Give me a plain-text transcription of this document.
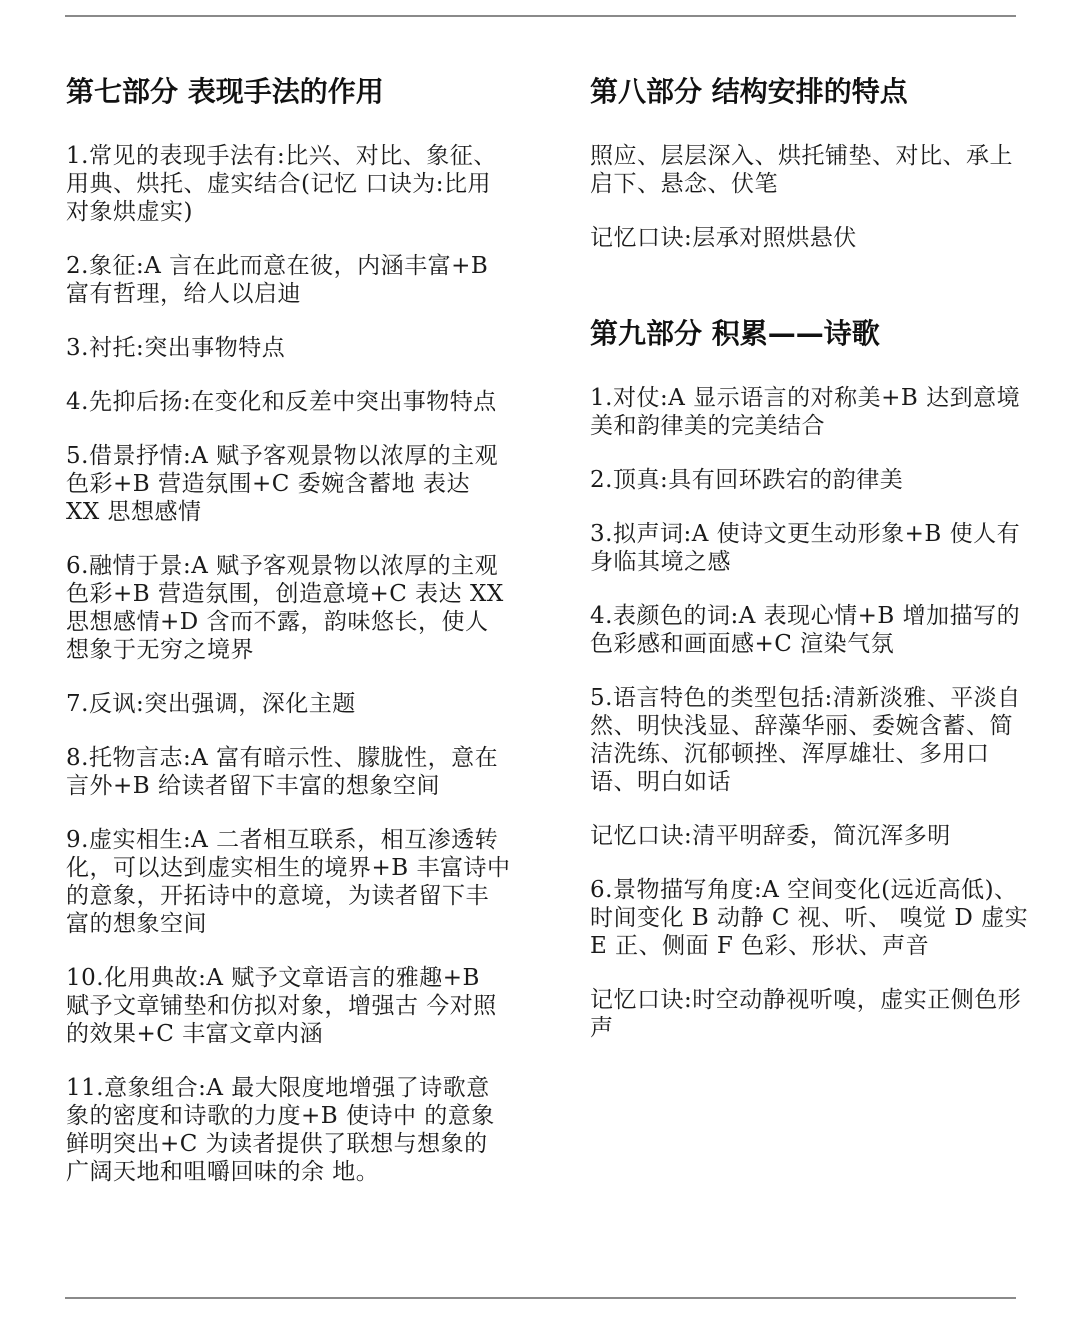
第七部分 表现手法的作用
1.常见的表现手法有:比兴、对比、象征、用典、烘托、虚实结合(记忆 口诀为:比用对象烘虚实)
2.象征:A 言在此而意在彼，内涵丰富+B 富有哲理，给人以启迪
3.衬托:突出事物特点
4.先抑后扬:在变化和反差中突出事物特点
5.借景抒情:A 赋予客观景物以浓厚的主观色彩+B 营造氛围+C 委婉含蓄地 表达 XX 思想感情
6.融情于景:A 赋予客观景物以浓厚的主观色彩+B 营造氛围，创造意境+C 表达 XX 思想感情+D 含而不露，韵味悠长，使人想象于无穷之境界
7.反讽:突出强调，深化主题
8.托物言志:A 富有暗示性、朦胧性，意在言外+B 给读者留下丰富的想象空间
9.虚实相生:A 二者相互联系，相互渗透转化，可以达到虚实相生的境界+B 丰富诗中的意象，开拓诗中的意境，为读者留下丰富的想象空间
10.化用典故:A 赋予文章语言的雅趣+B 赋予文章铺垫和仿拟对象，增强古 今对照的效果+C 丰富文章内涵
11.意象组合:A 最大限度地增强了诗歌意象的密度和诗歌的力度+B 使诗中 的意象鲜明突出+C 为读者提供了联想与想象的广阔天地和咀嚼回味的余 地。
第八部分 结构安排的特点
照应、层层深入、烘托铺垫、对比、承上启下、悬念、伏笔
记忆口诀:层承对照烘悬伏
第九部分 积累——诗歌
1.对仗:A 显示语言的对称美+B 达到意境美和韵律美的完美结合
2.顶真:具有回环跌宕的韵律美
3.拟声词:A 使诗文更生动形象+B 使人有身临其境之感
4.表颜色的词:A 表现心情+B 增加描写的色彩感和画面感+C 渲染气氛
5.语言特色的类型包括:清新淡雅、平淡自然、明快浅显、辞藻华丽、委婉含蓄、简洁洗练、沉郁顿挫、浑厚雄壮、多用口语、明白如话
记忆口诀:清平明辞委，简沉浑多明
6.景物描写角度:A 空间变化(远近高低)、时间变化 B 动静 C 视、听、 嗅觉 D 虚实 E 正、侧面 F 色彩、形状、声音
记忆口诀:时空动静视听嗅，虚实正侧色形声
